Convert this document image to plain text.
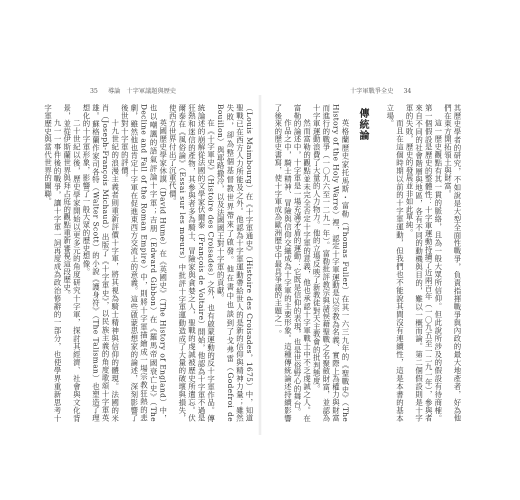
35 　 導論　十字軍議題與歷史	十字軍戰爭全史 　 34

（Louis Maimbourg）在《十字軍通史》（Histoire des Croisades，1675）中，知道聖戰已在西方人力所能及之外。他認為十字軍運動帶給世人的是新的信仰與精神力量；雖然失敗，卻為整個基督教世界帶來了啟發。他在書中也談到了戈弗雷（Godefroi de Bouillon）與耶路撒冷，以及法國國王對十字軍的貢獻。

在《十字軍史》（Histoire des Croisades）之外，也有啟蒙運動的反十字軍作品。傳統論述的崩解從法國的文學家伏爾泰（François de Voltaire）開始，他認為十字軍不過是狂熱和迷信的產物，其參與者多為騎士、冒險家與貪婪之人，聖戰的虔誠被歷史所遺忘。伏爾泰在《風俗論》（Essai sur les mœurs）中批評十字軍運動造成了大量的破壞與損失，使西方世界付出了沉重代價。

英國歷史學家休謨（David Hume）在《英國史》（The History of England）中，也以嘲諷的語氣評論十字軍；吉朋（Edward Gibbon）在《羅馬帝國衰亡史》（The Decline and Fall of the Roman Empire）中，則將十字軍描繪成一場宗教狂熱的悲劇，雖然他也肯定十字軍在促進東西方交流上的意義。這些啟蒙思想家的論述，深刻影響了後世對十字軍的評價。

十九世紀的浪漫主義者則重新評價十字軍，將其視為騎士精神與信仰的體現。法國的米肖（Joseph-François Michaud）出版了《十字軍史》，以民族主義的角度歌頌十字軍英雄。蘇格蘭作家司各特（Walter Scott）的小說《護身符》（The Talisman）也塑造了理想化的十字軍形象，影響了一般大眾的歷史想像。

二十世紀以後，歷史學家開始以更多元的角度研究十字軍，探討其經濟、社會與文化背景，並從伊斯蘭世界與拜占庭的觀點重新審視這段歷史。

九一一事件後的戰爭，讓十字軍一詞再度成為政治修辭的一部分，也使學界重新思考十字軍歷史與當代世界的關聯。	其歷史學者的研究，不如說是大型全面性戰爭，負責指揮戰爭與內政的最大地產者，好為他們在東方開拓領土與財富。

這一歷史觀點有其一貫的脈絡，且為一般大眾所信仰。但此說所涉及的假設有待商榷。第一個假設是歷史的整體性：十字軍運動持續了近兩百年（一〇九五至一二九一年），參與者來自不同的社會階層與地區，各有不同的動機與目的，難以一概而論。第二個假設則是十字軍的失敗，歷史的發展並非如此單純。

而且在這個時期以前的十字軍運動，但我們也不能說其間沒有連續性，這是本書的基本立場。

傳統論

英格蘭歷史家托馬斯・富勒（Thomas Fuller）在其一六三九年的《聖戰史》（The History of the Holy Warre）裡，認定十字軍運動是以宗教為名義、實際上為權力與財富而進行的戰爭（一〇九六至一二九一年）。富勒批評教宗與諸侯藉聖戰之名聚斂財富，並認為十字軍運動浪費了大量的人力物力。他的立場反映了新教徒對天主教會的批判態度。

然而富勒的觀點並未完全否定十字軍的意義，他也承認十字軍戰士中不乏虔誠之人。在富勒的論述中，十字軍是一場充滿矛盾的運動：它既是信仰的表現，也是世俗野心的舞台。

作品之中，騎士精神、冒險與信仰交織成為十字軍的主要形象。這種傳統論述持續影響了後來的歷史書寫，使十字軍成為歐洲歷史中最具爭議的主題之一。
